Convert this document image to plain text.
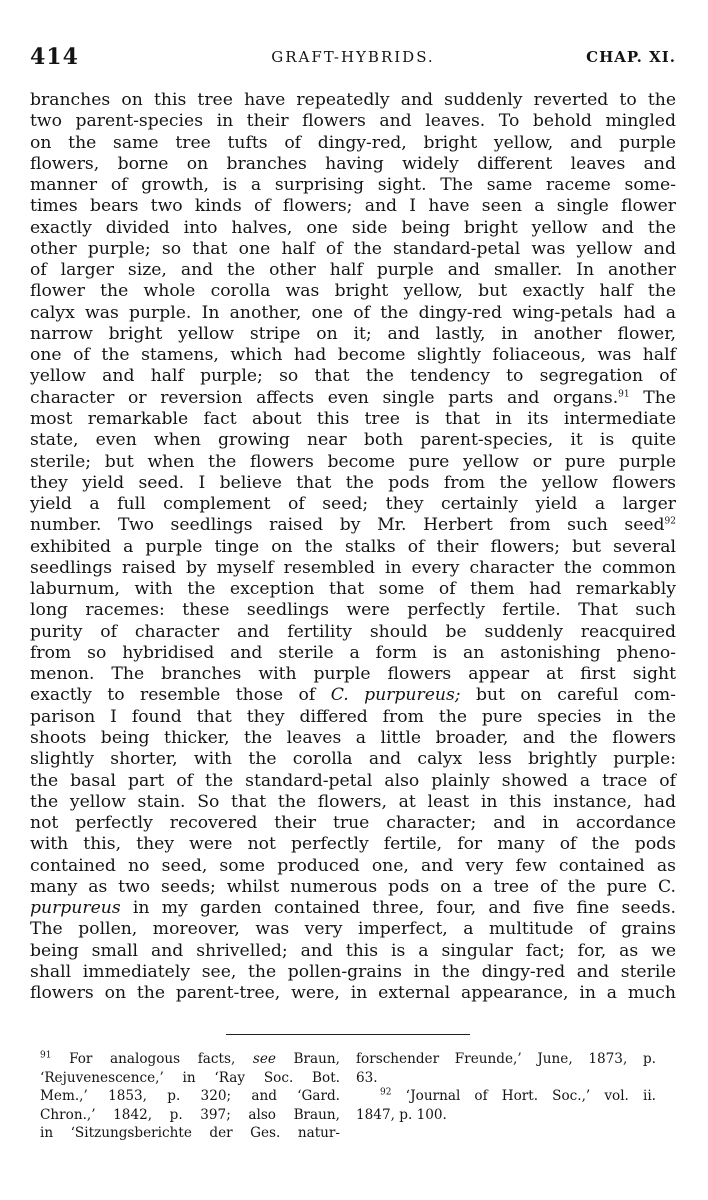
414	GRAFT-HYBRIDS.	CHAP. XI.
branches on this tree have repeatedly and suddenly reverted to the
two parent-species in their flowers and leaves. To behold mingled
on the same tree tufts of dingy-red, bright yellow, and purple
flowers, borne on branches having widely different leaves and
manner of growth, is a surprising sight. The same raceme some-
times bears two kinds of flowers; and I have seen a single flower
exactly divided into halves, one side being bright yellow and the
other purple; so that one half of the standard-petal was yellow and
of larger size, and the other half purple and smaller. In another
flower the whole corolla was bright yellow, but exactly half the
calyx was purple. In another, one of the dingy-red wing-petals had a
narrow bright yellow stripe on it; and lastly, in another flower,
one of the stamens, which had become slightly foliaceous, was half
yellow and half purple; so that the tendency to segregation of
character or reversion affects even single parts and organs.$^{91}$ The
most remarkable fact about this tree is that in its intermediate
state, even when growing near both parent-species, it is quite
sterile; but when the flowers become pure yellow or pure purple
they yield seed. I believe that the pods from the yellow flowers
yield a full complement of seed; they certainly yield a larger
number. Two seedlings raised by Mr. Herbert from such seed$^{92}$
exhibited a purple tinge on the stalks of their flowers; but several
seedlings raised by myself resembled in every character the common
laburnum, with the exception that some of them had remarkably
long racemes: these seedlings were perfectly fertile. That such
purity of character and fertility should be suddenly reacquired
from so hybridised and sterile a form is an astonishing pheno-
menon. The branches with purple flowers appear at first sight
exactly to resemble those of C. purpureus; but on careful com-
parison I found that they differed from the pure species in the
shoots being thicker, the leaves a little broader, and the flowers
slightly shorter, with the corolla and calyx less brightly purple:
the basal part of the standard-petal also plainly showed a trace of
the yellow stain. So that the flowers, at least in this instance, had
not perfectly recovered their true character; and in accordance
with this, they were not perfectly fertile, for many of the pods
contained no seed, some produced one, and very few contained as
many as two seeds; whilst numerous pods on a tree of the pure C.
purpureus in my garden contained three, four, and five fine seeds.
The pollen, moreover, was very imperfect, a multitude of grains
being small and shrivelled; and this is a singular fact; for, as we
shall immediately see, the pollen-grains in the dingy-red and sterile
flowers on the parent-tree, were, in external appearance, in a much
$^{91}$ For analogous facts, see Braun,
‘Rejuvenescence,’ in ‘Ray Soc. Bot.
Mem.,’ 1853, p. 320; and ‘Gard.
Chron.,’ 1842, p. 397; also Braun,
in ‘Sitzungsberichte der Ges. natur-
forschender Freunde,’ June, 1873, p.
63.
$^{92}$ ‘Journal of Hort. Soc.,’ vol. ii.
1847, p. 100.
